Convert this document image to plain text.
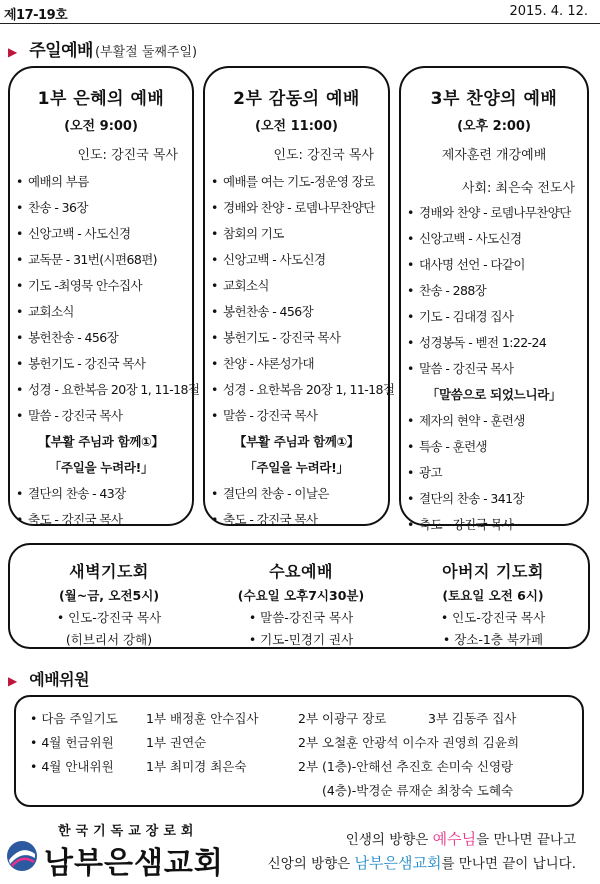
제17-19호	2015. 4. 12.
▶ 주일예배 (부활절 둘째주일)
1부 은혜의 예배
(오전 9:00)
인도: 강진국 목사
• 예배의 부름
• 찬송 - 36장
• 신앙고백 - 사도신경
• 교독문 - 31번(시편68편)
• 기도 -최영묵 안수집사
• 교회소식
• 봉헌찬송 - 456장
• 봉헌기도 - 강진국 목사
• 성경 - 요한복음 20장 1, 11-18절
• 말씀 - 강진국 목사
【부활 주님과 함께①】
「주일을 누려라!」
• 결단의 찬송 - 43장
• 축도 - 강진국 목사
2부 감동의 예배
(오전 11:00)
인도: 강진국 목사
• 예배를 여는 기도-정운영 장로
• 경배와 찬양 - 로뎀나무찬양단
• 참회의 기도
• 신앙고백 - 사도신경
• 교회소식
• 봉헌찬송 - 456장
• 봉헌기도 - 강진국 목사
• 찬양 - 샤론성가대
• 성경 - 요한복음 20장 1, 11-18절
• 말씀 - 강진국 목사
【부활 주님과 함께①】
「주일을 누려라!」
• 결단의 찬송 - 이날은
• 축도 - 강진국 목사
3부 찬양의 예배
(오후 2:00)
제자훈련 개강예배
사회: 최은숙 전도사
• 경배와 찬양 - 로뎀나무찬양단
• 신앙고백 - 사도신경
• 대사명 선언 - 다같이
• 찬송 - 288장
• 기도 - 김대경 집사
• 성경봉독 - 벧전 1:22-24
• 말씀 - 강진국 목사
「말씀으로 되었느니라」
• 제자의 현약 - 훈련생
• 특송 - 훈련생
• 광고
• 결단의 찬송 - 341장
• 축도 - 강진국 목사
새벽기도회
(월~금, 오전5시)
• 인도-강진국 목사
(히브리서 강해)
수요예배
(수요일 오후7시30분)
• 말씀-강진국 목사
• 기도-민경기 권사
아버지 기도회
(토요일 오전 6시)
• 인도-강진국 목사
• 장소-1층 북카페
▶ 예배위원
• 다음 주일기도 1부 배정훈 안수집사	2부 이광구 장로	3부 김동주 집사
• 4월 헌금위원	1부 권연순	2부 오철훈 안광석 이수자 권영희 김윤희
• 4월 안내위원	1부 최미경 최은숙	2부 (1층)-안해선 추진호 손미숙 신영랑
(4층)-박경순 류재순 최창숙 도혜숙
한국기독교장로회
남부은샘교회
인생의 방향은 예수님을 만나면 끝나고
신앙의 방향은 남부은샘교회를 만나면 끝이 납니다.
